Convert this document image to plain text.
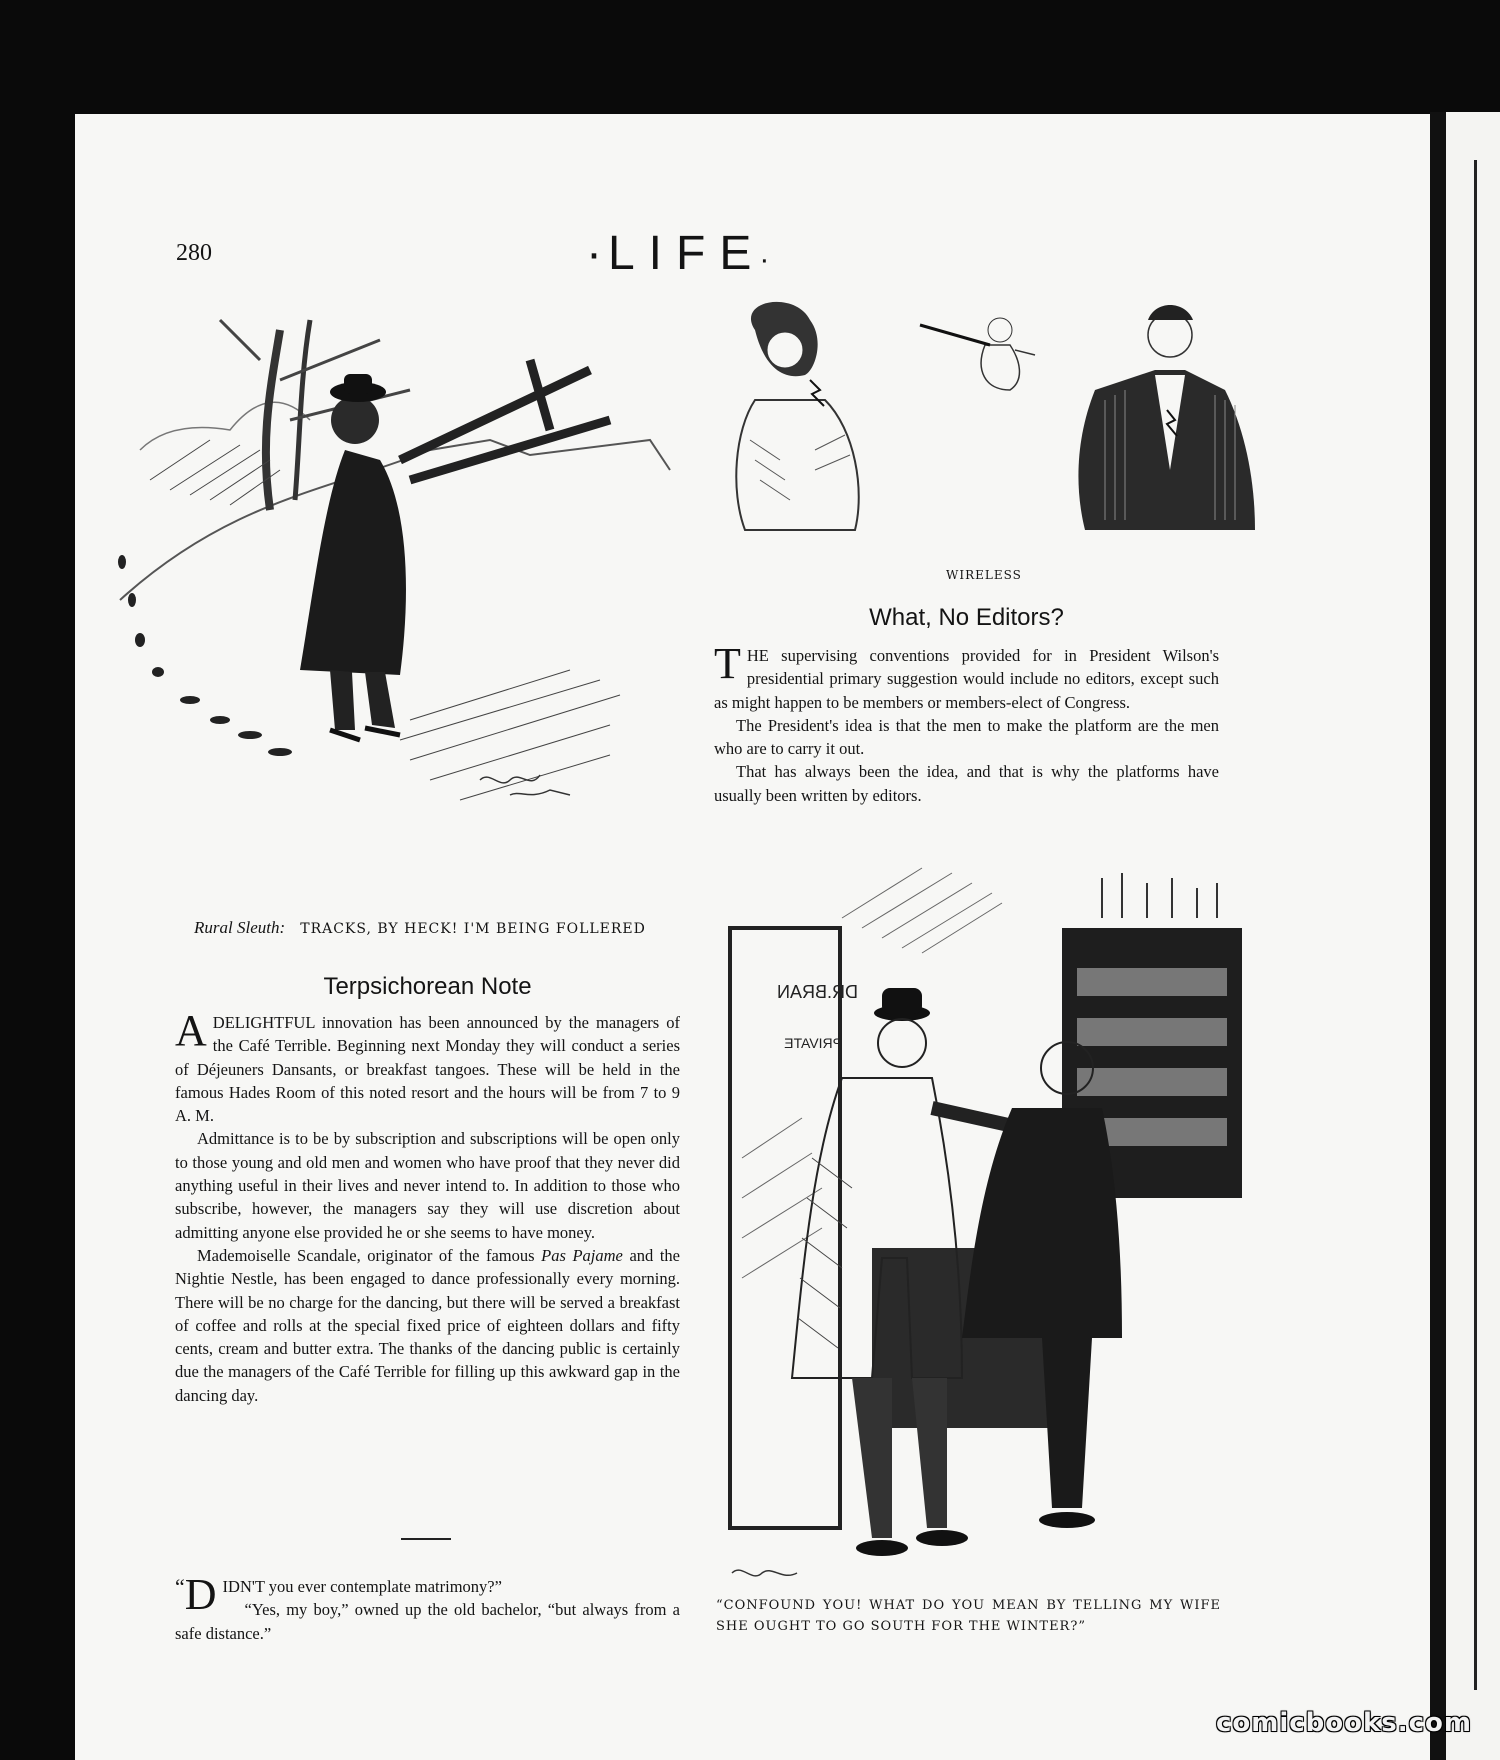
280
·	LIFE ·
Rural Sleuth: TRACKS, BY HECK! I'M BEING FOLLERED
WIRELESS
What, No Editors?

THE supervising conventions provided for in President Wilson's presidential primary suggestion would include no editors, except such as might happen to be members or members-elect of Congress.

The President's idea is that the men to make the platform are the men who are to carry it out.

That has always been the idea, and that is why the platforms have usually been written by editors.

Terpsichorean Note

ADELIGHTFUL innovation has been announced by the managers of the Café Terrible. Beginning next Monday they will conduct a series of Déjeuners Dansants, or breakfast tangoes. These will be held in the famous Hades Room of this noted resort and the hours will be from 7 to 9 A. M.

Admittance is to be by subscription and subscriptions will be open only to those young and old men and women who have proof that they never did anything useful in their lives and never intend to. In addition to those who subscribe, however, the managers say they will use discretion about admitting anyone else provided he or she seems to have money.

Mademoiselle Scandale, originator of the famous Pas Pajame and the Nightie Nestle, has been engaged to dance professionally every morning. There will be no charge for the dancing, but there will be served a breakfast of coffee and rolls at the special fixed price of eighteen dollars and fifty cents, cream and butter extra. The thanks of the dancing public is certainly due the managers of the Café Terrible for filling up this awkward gap in the dancing day.

“ D IDN'T you ever contemplate matrimony?”

“Yes, my boy,” owned up the old bachelor, “but always from a safe distance.”

DR.BRAN
PRIVATE
“CONFOUND YOU! WHAT DO YOU MEAN BY TELLING MY WIFE SHE OUGHT TO GO SOUTH FOR THE WINTER?”
comicbooks.com
